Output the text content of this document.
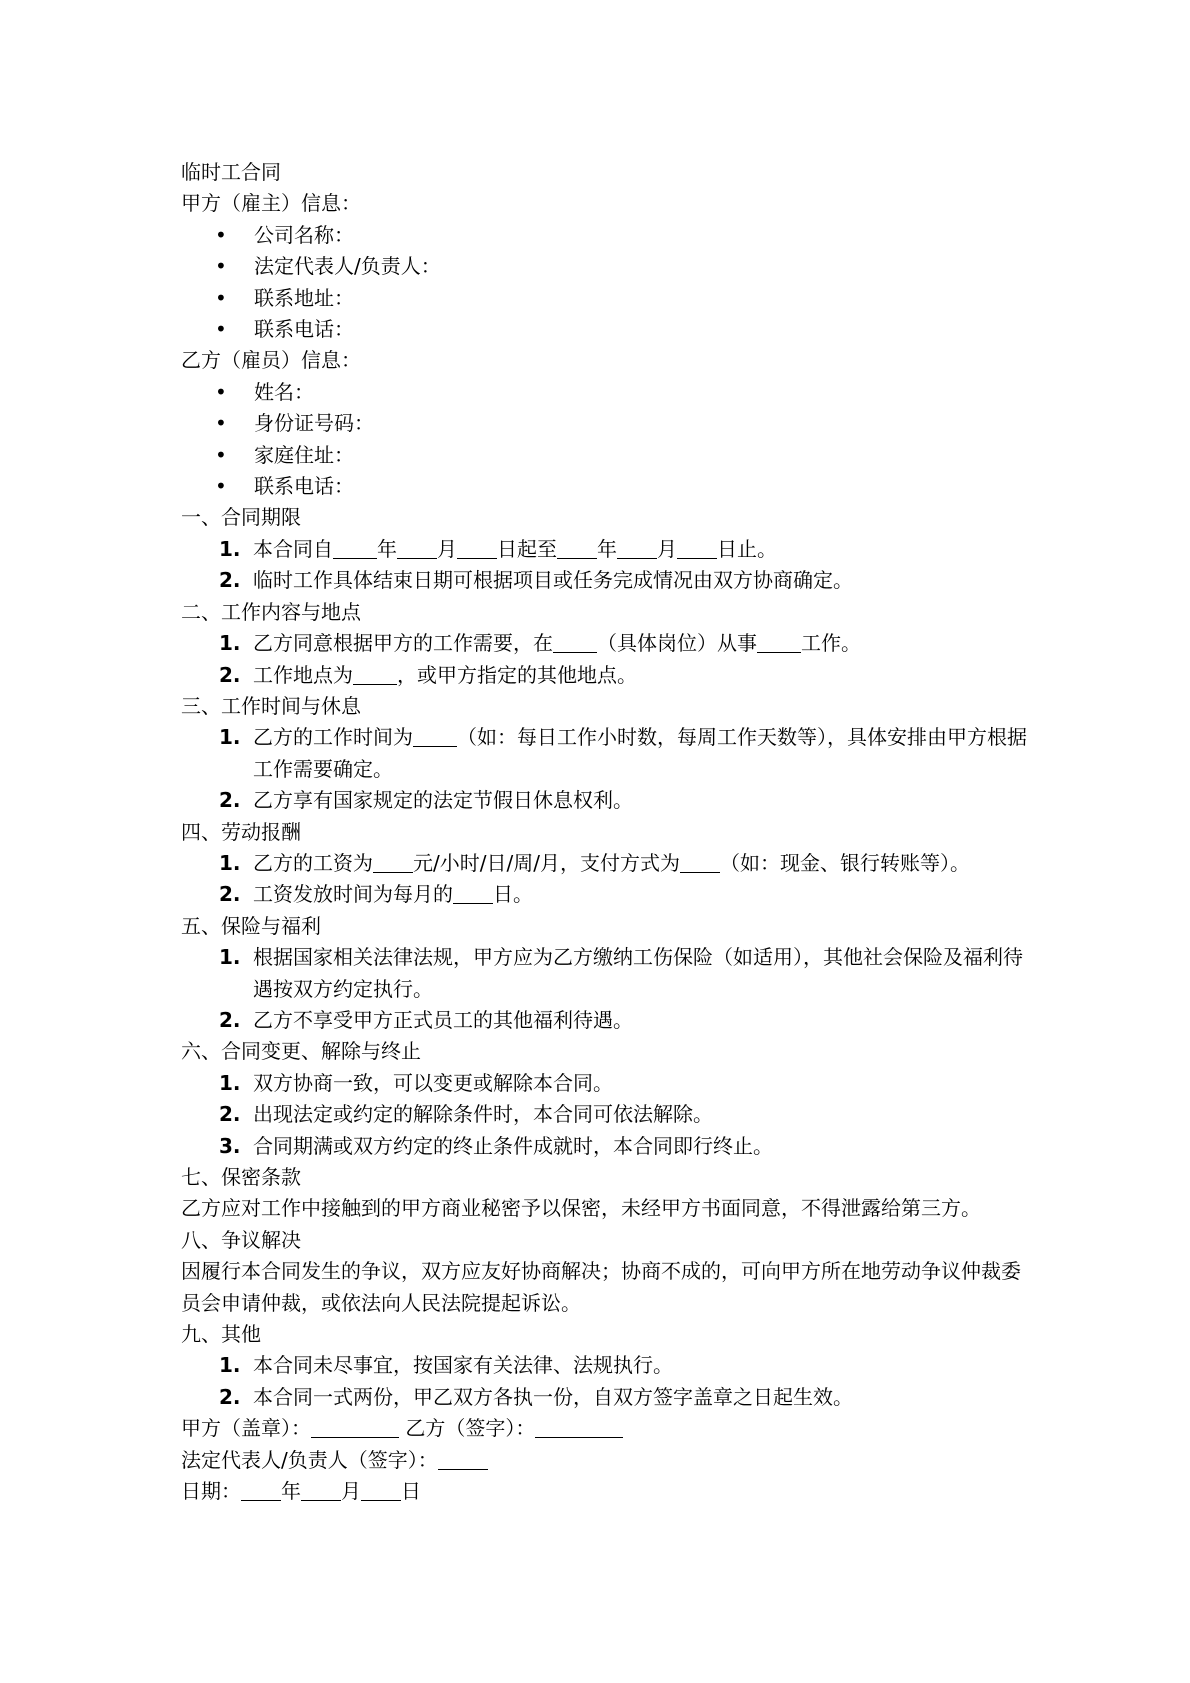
临时工合同

甲方（雇主）信息：

• 公司名称：
• 法定代表人/负责人：
• 联系地址：
• 联系电话：

乙方（雇员）信息：

• 姓名：
• 身份证号码：
• 家庭住址：
• 联系电话：

一、合同期限

1. 本合同自 年 月 日起至 年 月 日止。
2. 临时工作具体结束日期可根据项目或任务完成情况由双方协商确定。

二、工作内容与地点

1. 乙方同意根据甲方的工作需要，在 （具体岗位）从事 工作。
2. 工作地点为 ，或甲方指定的其他地点。

三、工作时间与休息

1. 乙方的工作时间为 （如：每日工作小时数，每周工作天数等），具体安排由甲方根据工作需要确定。
2. 乙方享有国家规定的法定节假日休息权利。

四、劳动报酬

1. 乙方的工资为 元/小时/日/周/月，支付方式为 （如：现金、银行转账等）。
2. 工资发放时间为每月的 日。

五、保险与福利

1. 根据国家相关法律法规，甲方应为乙方缴纳工伤保险（如适用），其他社会保险及福利待遇按双方约定执行。
2. 乙方不享受甲方正式员工的其他福利待遇。

六、合同变更、解除与终止

1. 双方协商一致，可以变更或解除本合同。
2. 出现法定或约定的解除条件时，本合同可依法解除。
3. 合同期满或双方约定的终止条件成就时，本合同即行终止。

七、保密条款

乙方应对工作中接触到的甲方商业秘密予以保密，未经甲方书面同意，不得泄露给第三方。

八、争议解决

因履行本合同发生的争议，双方应友好协商解决；协商不成的，可向甲方所在地劳动争议仲裁委员会申请仲裁，或依法向人民法院提起诉讼。

九、其他

1. 本合同未尽事宜，按国家有关法律、法规执行。
2. 本合同一式两份，甲乙双方各执一份，自双方签字盖章之日起生效。

甲方（盖章）：	乙方（签字）：

法定代表人/负责人（签字）：

日期： 年 月 日
